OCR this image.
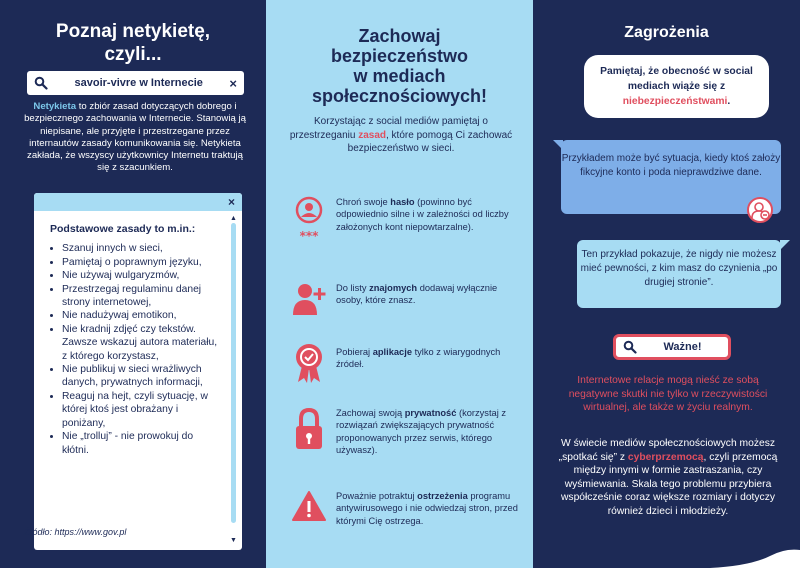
Poznaj netykietę,
czyli...
savoir-vivre w Internecie	×
Netykieta to zbiór zasad dotyczących dobrego i bezpiecznego zachowania w Internecie. Stanowią ją niepisane, ale przyjęte i przestrzegane przez internautów zasady komunikowania się. Netykieta zakłada, że wszyscy użytkownicy Internetu traktują się z szacunkiem.
×
Podstawowe zasady to m.in.:
• Szanuj innych w sieci,
• Pamiętaj o poprawnym języku,
• Nie używaj wulgaryzmów,
• Przestrzegaj regulaminu danej strony internetowej,
• Nie nadużywaj emotikon,
• Nie kradnij zdjęć czy tekstów. Zawsze wskazuj autora materiału, z którego korzystasz,
• Nie publikuj w sieci wrażliwych danych, prywatnych informacji,
• Reaguj na hejt, czyli sytuację, w której ktoś jest obrażany i poniżany,
• Nie „trolluj” - nie prowokuj do kłótni.
▲
▼
Źródło: https://www.gov.pl
Zachowaj
bezpieczeństwo
w mediach
społecznościowych!
Korzystając z social mediów pamiętaj o przestrzeganiu zasad, które pomogą Ci zachować bezpieczeństwo w sieci.
***
Chroń swoje hasło (powinno być odpowiednio silne i w zależności od liczby założonych kont niepowtarzalne).
Do listy znajomych dodawaj wyłącznie osoby, które znasz.
Pobieraj aplikacje tylko z wiarygodnych źródeł.
Zachowaj swoją prywatność (korzystaj z rozwiązań zwiększających prywatność proponowanych przez serwis, którego używasz).
Poważnie potraktuj ostrzeżenia programu antywirusowego i nie odwiedzaj stron, przed którymi Cię ostrzega.
Zagrożenia
Pamiętaj, że obecność w social mediach wiąże się z niebezpieczeństwami.
Przykładem może być sytuacja, kiedy ktoś założy fikcyjne konto i poda nieprawdziwe dane.
Ten przykład pokazuje, że nigdy nie możesz mieć pewności, z kim masz do czynienia „po drugiej stronie”.
Ważne!
Internetowe relacje mogą nieść ze sobą negatywne skutki nie tylko w rzeczywistości wirtualnej, ale także w życiu realnym.
W świecie mediów społecznościowych możesz „spotkać się” z cyberprzemocą, czyli przemocą między innymi w formie zastraszania, czy wyśmiewania. Skala tego problemu przybiera współcześnie coraz większe rozmiary i dotyczy również dzieci i młodzieży.
